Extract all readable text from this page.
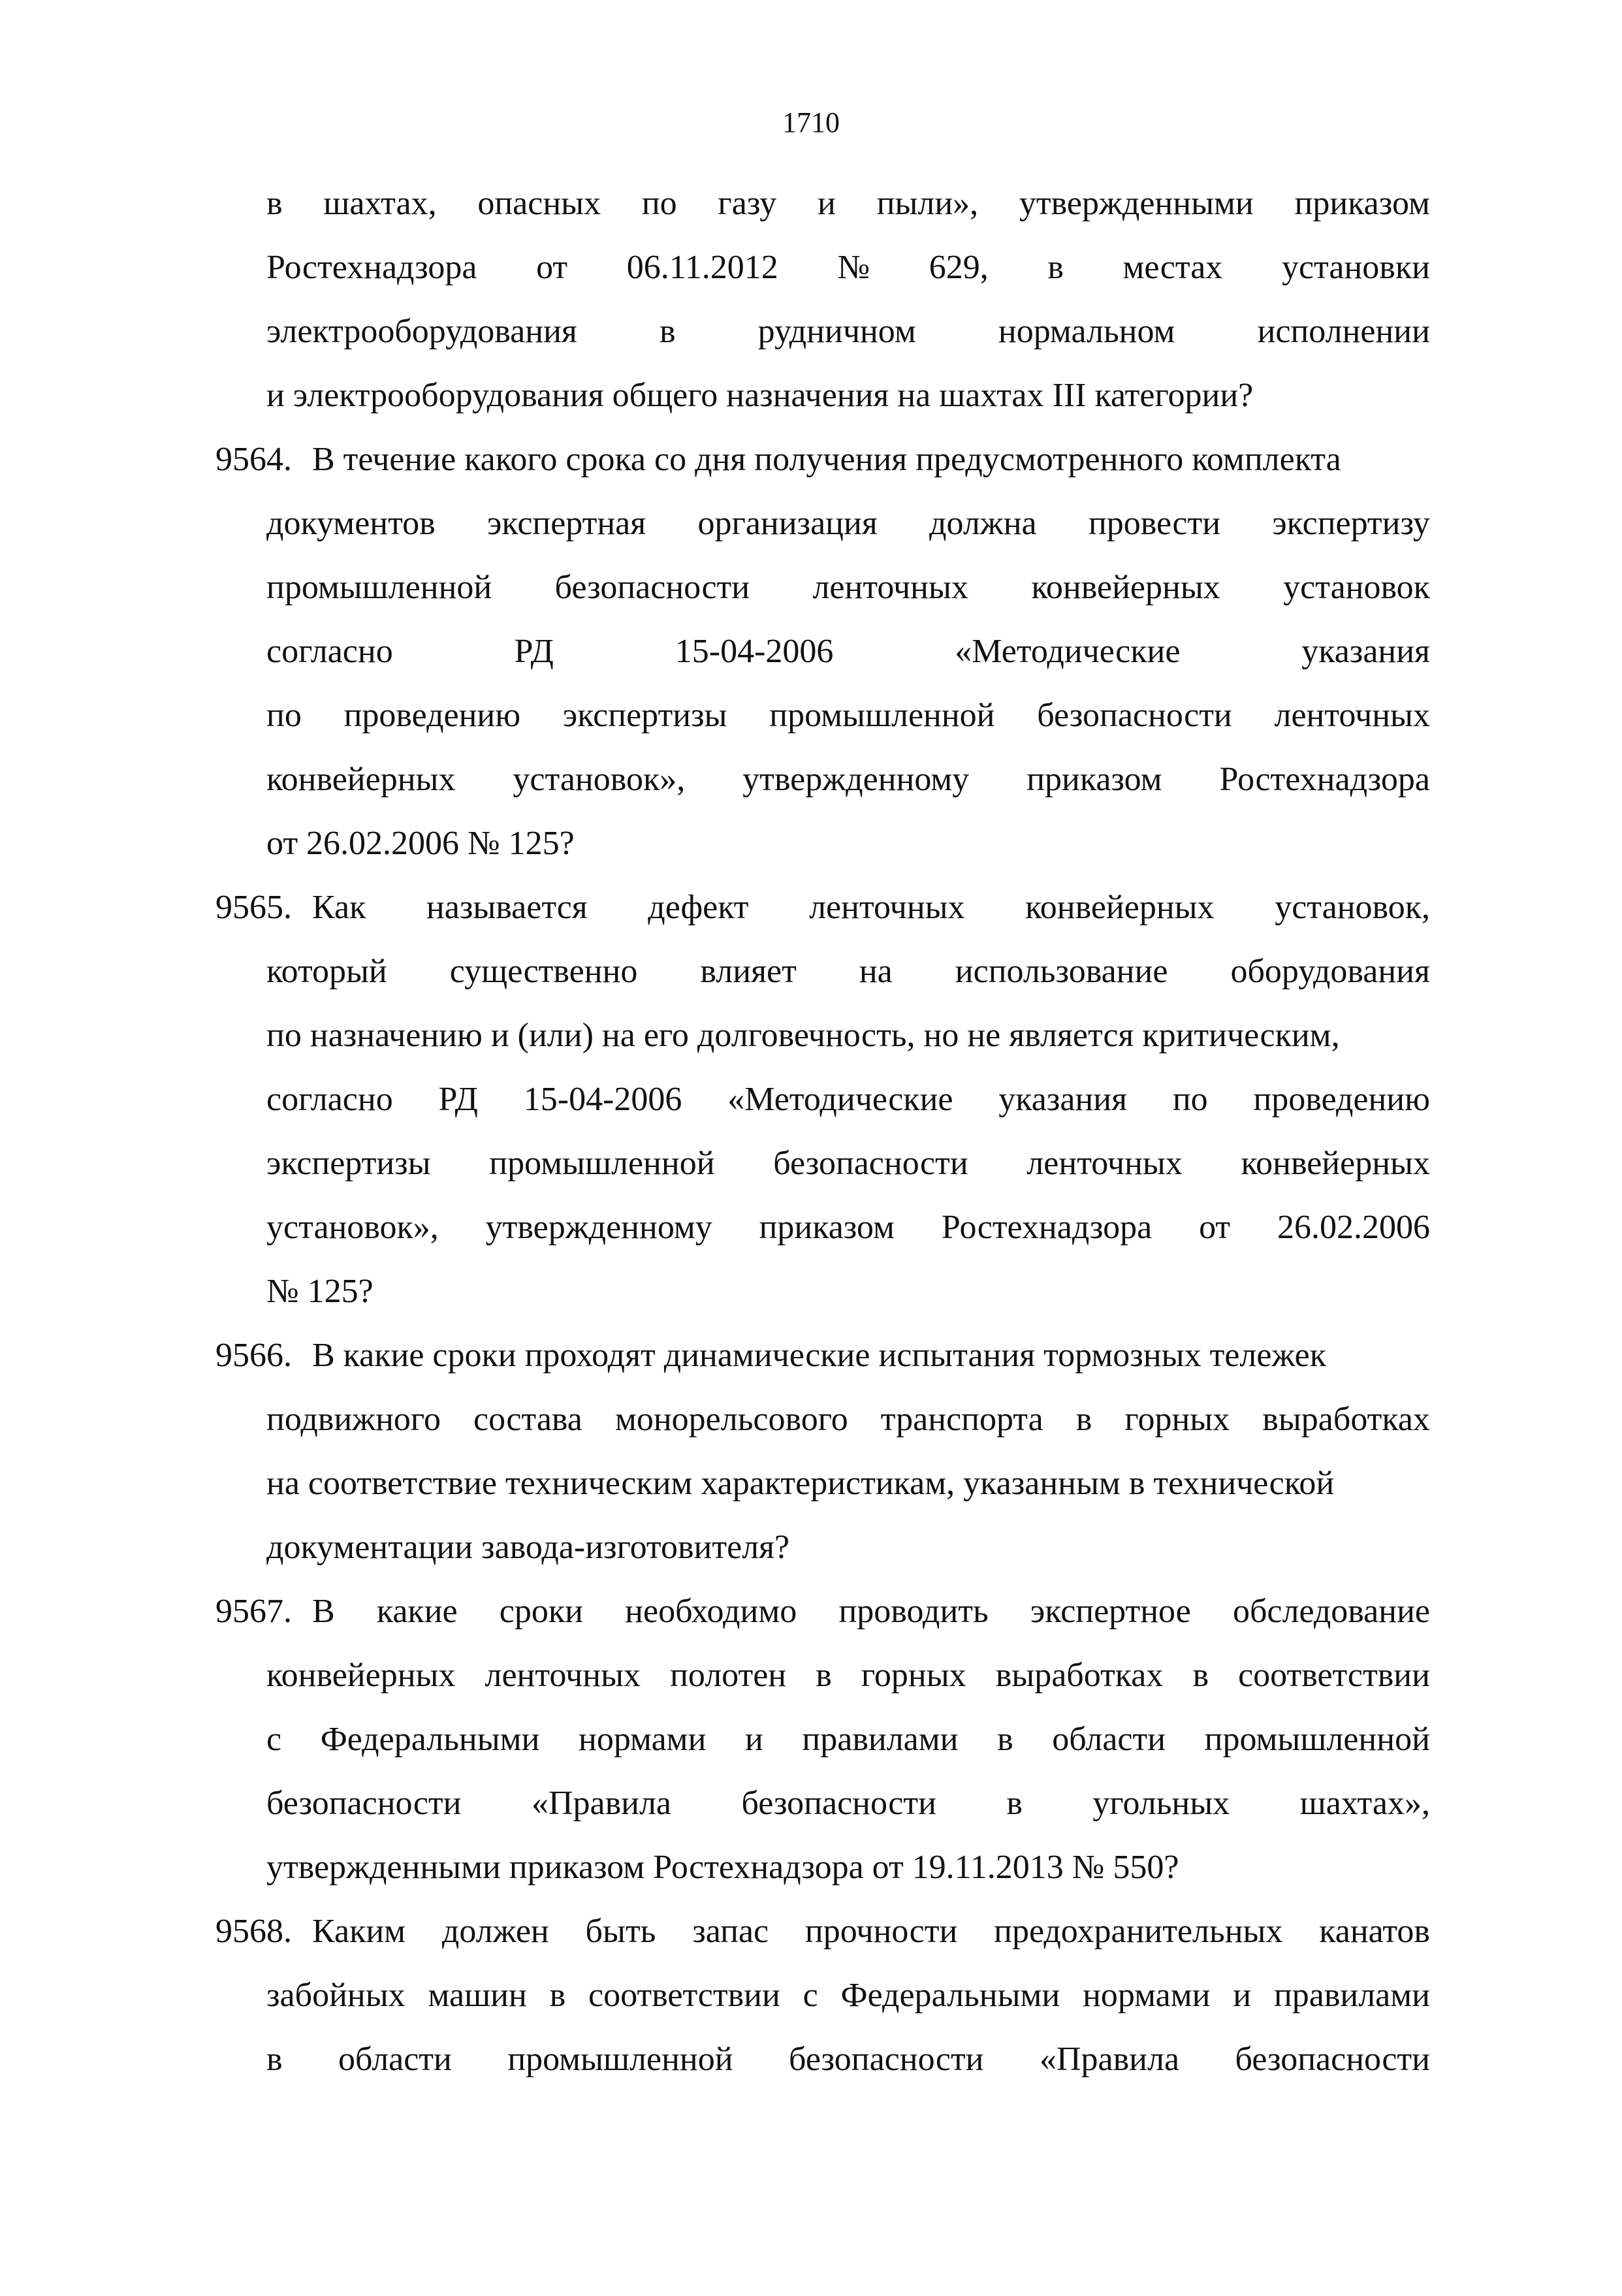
1710
в шахтах, опасных по газу и пыли», утвержденными приказом
Ростехнадзора от 06.11.2012 № 629, в местах установки
электрооборудования в рудничном нормальном исполнении
и электрооборудования общего назначения на шахтах III категории?
9564. В течение какого срока со дня получения предусмотренного комплекта
документов экспертная организация должна провести экспертизу
промышленной безопасности ленточных конвейерных установок
согласно	РД	15-04-2006	«Методические	указания
по проведению экспертизы промышленной безопасности ленточных
конвейерных установок», утвержденному приказом Ростехнадзора
от 26.02.2006 № 125?
9565. Как называется дефект ленточных конвейерных установок,
который существенно влияет на использование оборудования
по назначению и (или) на его долговечность, но не является критическим,
согласно РД 15-04-2006 «Методические указания по проведению
экспертизы промышленной безопасности ленточных конвейерных
установок», утвержденному приказом Ростехнадзора от 26.02.2006
№ 125?
9566. В какие сроки проходят динамические испытания тормозных тележек
подвижного состава монорельсового транспорта в горных выработках
на соответствие техническим характеристикам, указанным в технической
документации завода-изготовителя?
9567. В какие сроки необходимо проводить экспертное обследование
конвейерных ленточных полотен в горных выработках в соответствии
с Федеральными нормами и правилами в области промышленной
безопасности «Правила безопасности в угольных шахтах»,
утвержденными приказом Ростехнадзора от 19.11.2013 № 550?
9568. Каким должен быть запас прочности предохранительных канатов
забойных машин в соответствии с Федеральными нормами и правилами
в области промышленной безопасности «Правила безопасности
